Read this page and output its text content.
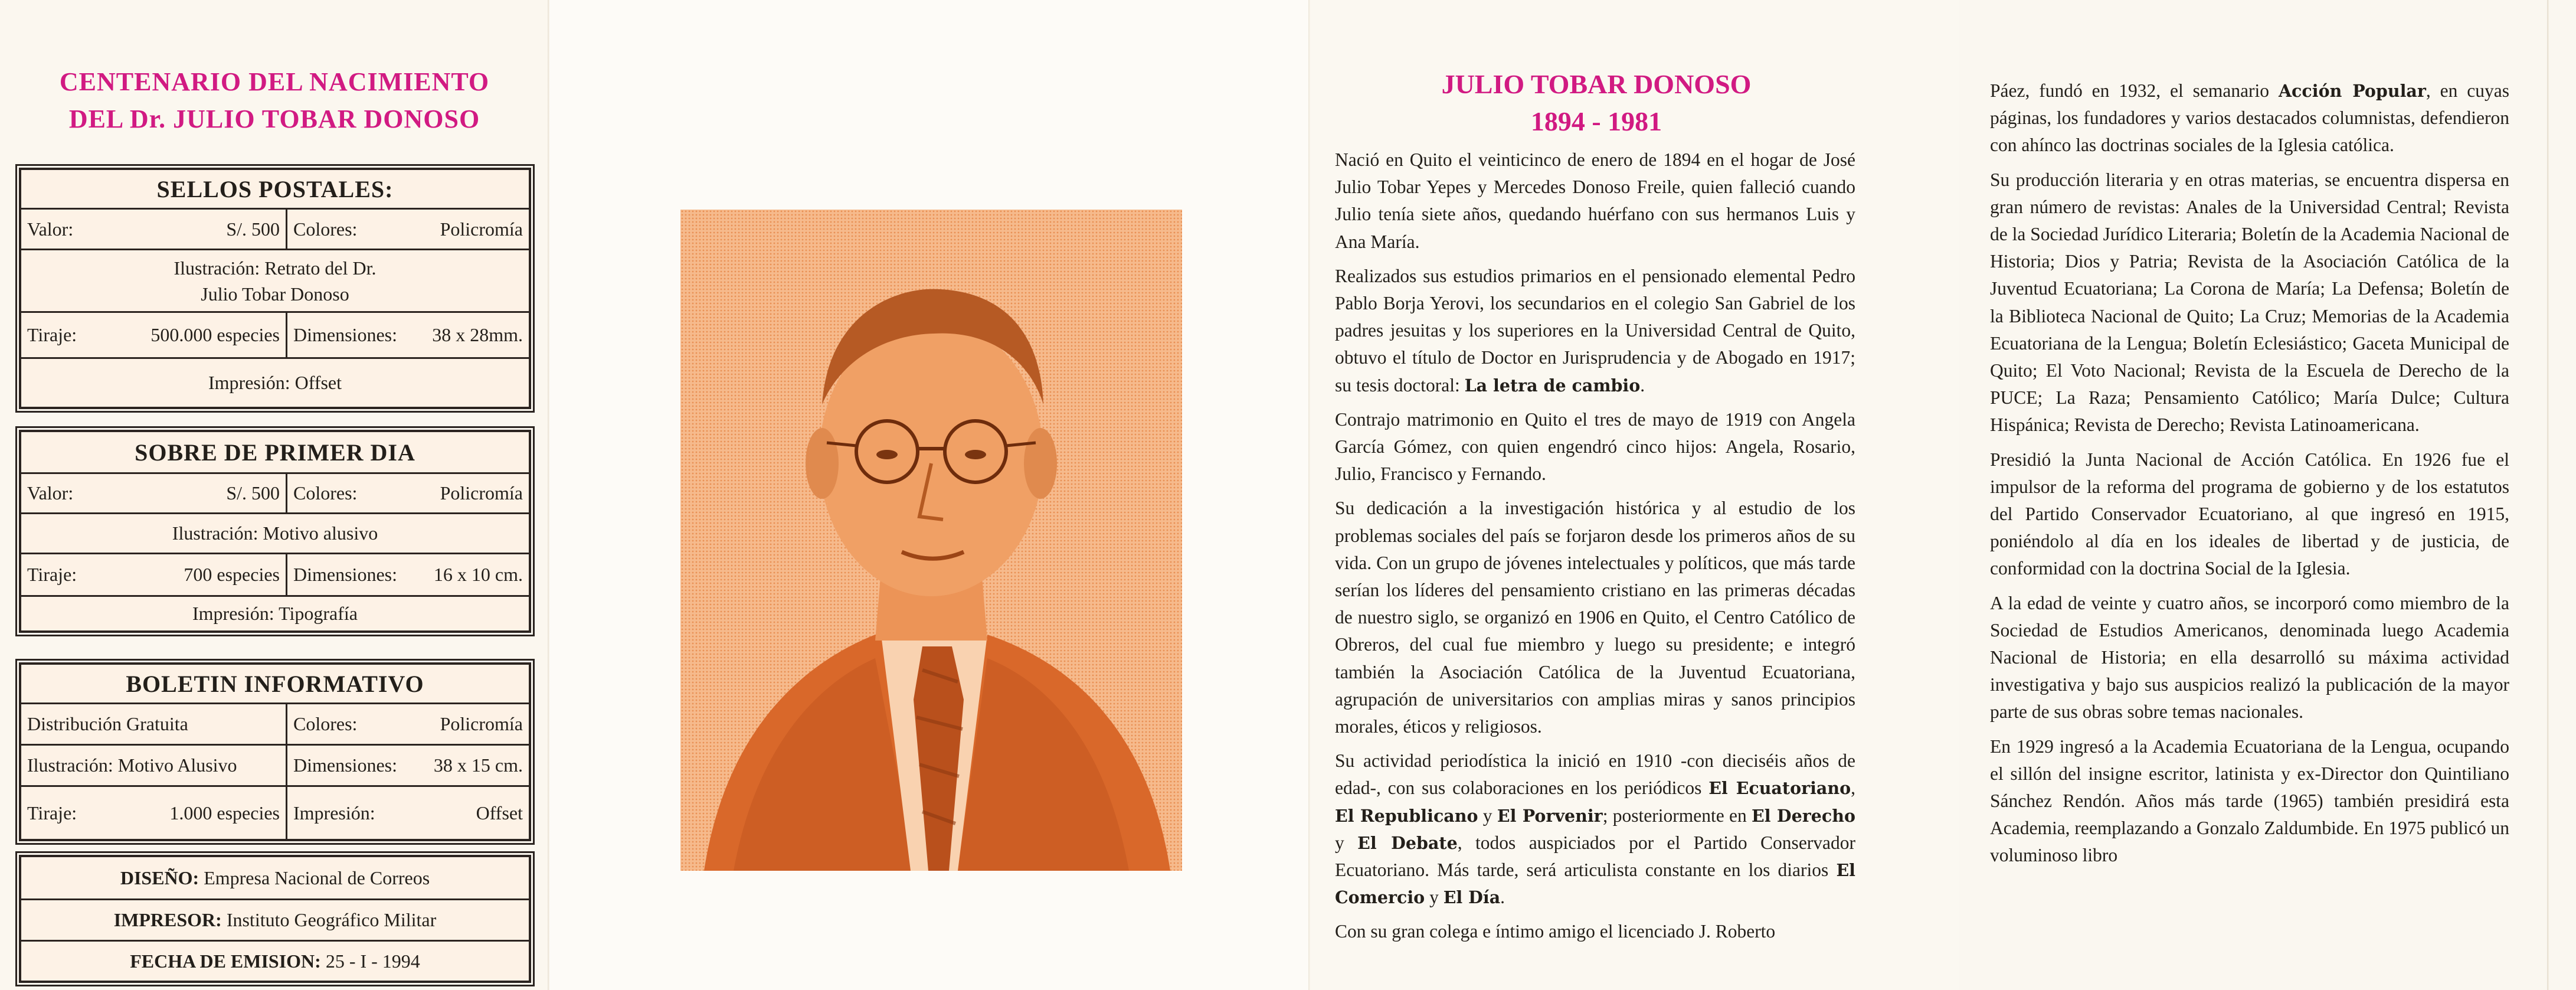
CENTENARIO DEL NACIMIENTO
DEL Dr. JULIO TOBAR DONOSO
SELLOS POSTALES:
Valor:	S/. 500 Colores:	Policromía
Ilustración: Retrato del Dr.
Julio Tobar Donoso
Tiraje:	500.000 especies Dimensiones:	38 x 28mm.
Impresión: Offset
SOBRE DE PRIMER DIA
Valor:	S/. 500 Colores:	Policromía
Ilustración: Motivo alusivo
Tiraje:	700 especies Dimensiones:	16 x 10 cm.
Impresión: Tipografía
BOLETIN INFORMATIVO
Distribución Gratuita	Colores:	Policromía
Ilustración: Motivo Alusivo	Dimensiones:	38 x 15 cm.
Tiraje:	1.000 especies Impresión:	Offset
DISEÑO:
Empresa Nacional de Correos
IMPRESOR:
Instituto Geográfico Militar
FECHA DE EMISION:
25 - I - 1994
JULIO TOBAR DONOSO
1894 - 1981

Nació en Quito el veinticinco de enero de 1894 en el hogar de José Julio Tobar Yepes y Mercedes Donoso Freile, quien falleció cuando Julio tenía siete años, quedando huérfano con sus hermanos Luis y Ana María.

Realizados sus estudios primarios en el pensionado elemental Pedro Pablo Borja Yerovi, los secundarios en el colegio San Gabriel de los padres jesuitas y los superiores en la Universidad Central de Quito, obtuvo el título de Doctor en Jurisprudencia y de Abogado en 1917; su tesis doctoral: La letra de cambio.

Contrajo matrimonio en Quito el tres de mayo de 1919 con Angela García Gómez, con quien engendró cinco hijos: Angela, Rosario, Julio, Francisco y Fernando.

Su dedicación a la investigación histórica y al estudio de los problemas sociales del país se forjaron desde los primeros años de su vida. Con un grupo de jóvenes intelectuales y políticos, que más tarde serían los líderes del pensamiento cristiano en las primeras décadas de nuestro siglo, se organizó en 1906 en Quito, el Centro Católico de Obreros, del cual fue miembro y luego su presidente; e integró también la Asociación Católica de la Juventud Ecuatoriana, agrupación de universitarios con amplias miras y sanos principios morales, éticos y religiosos.

Su actividad periodística la inició en 1910 -con dieciséis años de edad-, con sus colaboraciones en los periódicos El Ecuatoriano, El Republicano y El Porvenir; posteriormente en El Derecho y El Debate, todos auspiciados por el Partido Conservador Ecuatoriano. Más tarde, será articulista constante en los diarios El Comercio y El Día.

Con su gran colega e íntimo amigo el licenciado J. Roberto

Páez, fundó en 1932, el semanario Acción Popular, en cuyas páginas, los fundadores y varios destacados columnistas, defendieron con ahínco las doctrinas sociales de la Iglesia católica.

Su producción literaria y en otras materias, se encuentra dispersa en gran número de revistas: Anales de la Universidad Central; Revista de la Sociedad Jurídico Literaria; Boletín de la Academia Nacional de Historia; Dios y Patria; Revista de la Asociación Católica de la Juventud Ecuatoriana; La Corona de María; La Defensa; Boletín de la Biblioteca Nacional de Quito; La Cruz; Memorias de la Academia Ecuatoriana de la Lengua; Boletín Eclesiástico; Gaceta Municipal de Quito; El Voto Nacional; Revista de la Escuela de Derecho de la PUCE; La Raza; Pensamiento Católico; María Dulce; Cultura Hispánica; Revista de Derecho; Revista Latinoamericana.

Presidió la Junta Nacional de Acción Católica. En 1926 fue el impulsor de la reforma del programa de gobierno y de los estatutos del Partido Conservador Ecuatoriano, al que ingresó en 1915, poniéndolo al día en los ideales de libertad y de justicia, de conformidad con la doctrina Social de la Iglesia.

A la edad de veinte y cuatro años, se incorporó como miembro de la Sociedad de Estudios Americanos, denominada luego Academia Nacional de Historia; en ella desarrolló su máxima actividad investigativa y bajo sus auspicios realizó la publicación de la mayor parte de sus obras sobre temas nacionales.

En 1929 ingresó a la Academia Ecuatoriana de la Lengua, ocupando el sillón del insigne escritor, latinista y ex-Director don Quintiliano Sánchez Rendón. Años más tarde (1965) también presidirá esta Academia, reemplazando a Gonzalo Zaldumbide. En 1975 publicó un voluminoso libro
